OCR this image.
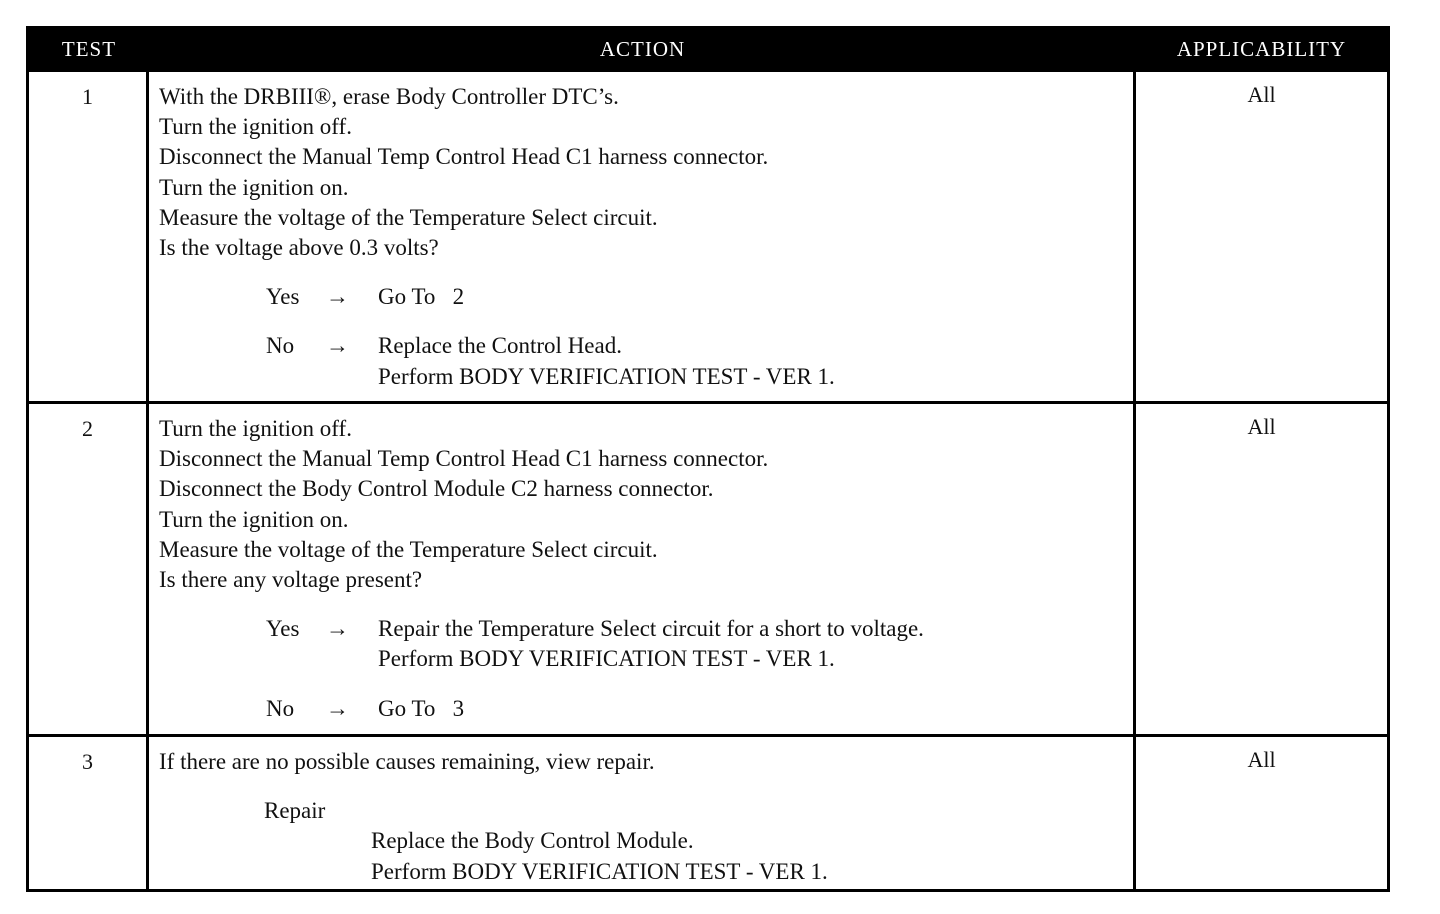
TEST	ACTION	APPLICABILITY
1	With the DRBIII®, erase Body Controller DTC’s.
Turn the ignition off.
Disconnect the Manual Temp Control Head C1 harness connector.
Turn the ignition on.
Measure the voltage of the Temperature Select circuit.
Is the voltage above 0.3 volts?
Yes	→	Go To   2
No	→	Replace the Control Head.
Perform BODY VERIFICATION TEST - VER 1.
All
2	Turn the ignition off.
Disconnect the Manual Temp Control Head C1 harness connector.
Disconnect the Body Control Module C2 harness connector.
Turn the ignition on.
Measure the voltage of the Temperature Select circuit.
Is there any voltage present?
Yes	→	Repair the Temperature Select circuit for a short to voltage.
Perform BODY VERIFICATION TEST - VER 1.
No	→	Go To   3
All
3	If there are no possible causes remaining, view repair.
Repair
Replace the Body Control Module.
Perform BODY VERIFICATION TEST - VER 1.
All
